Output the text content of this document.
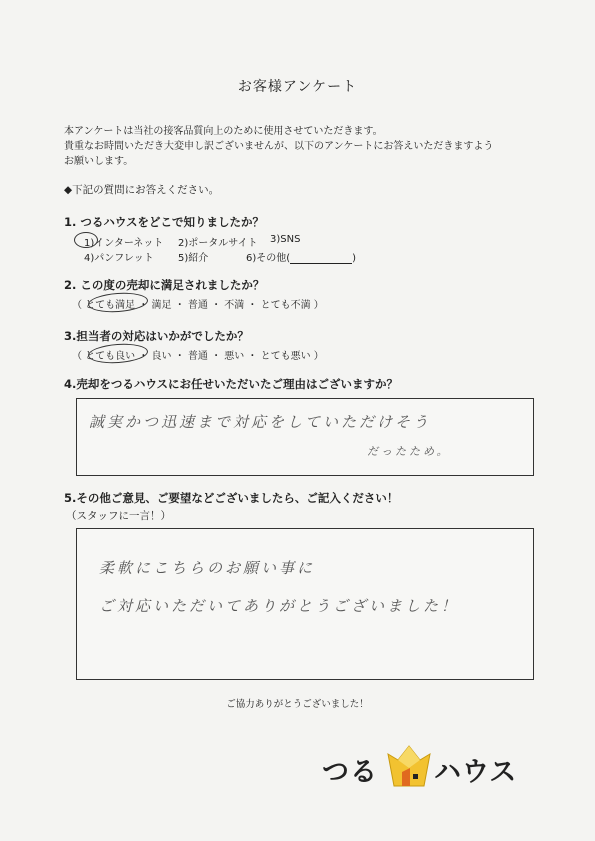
お客様アンケート
本アンケートは当社の接客品質向上のために使用させていただきます。
貴重なお時間いただき大変申し訳ございませんが、以下のアンケートにお答えいただきますよう
お願いします。
◆下記の質問にお答えください。
1. つるハウスをどこで知りましたか？
1)インターネット 2)ポータルサイト 3)SNS
4)パンフレット 5)紹介	6)その他(	)
2. この度の売却に満足されましたか？
（ とても満足 ・ 満足 ・ 普通 ・ 不満 ・ とても不満 ）
3.担当者の対応はいかがでしたか？
（ とても良い ・ 良い ・ 普通 ・ 悪い ・ とても悪い ）
4.売却をつるハウスにお任せいただいたご理由はございますか？
誠実かつ迅速まで対応をしていただけそう
だったため。
5.その他ご意見、ご要望などございましたら、ご記入ください！
（スタッフに一言！）
柔軟にこちらのお願い事に
ご対応いただいてありがとうございました！
ご協力ありがとうございました！
つる ハウス
